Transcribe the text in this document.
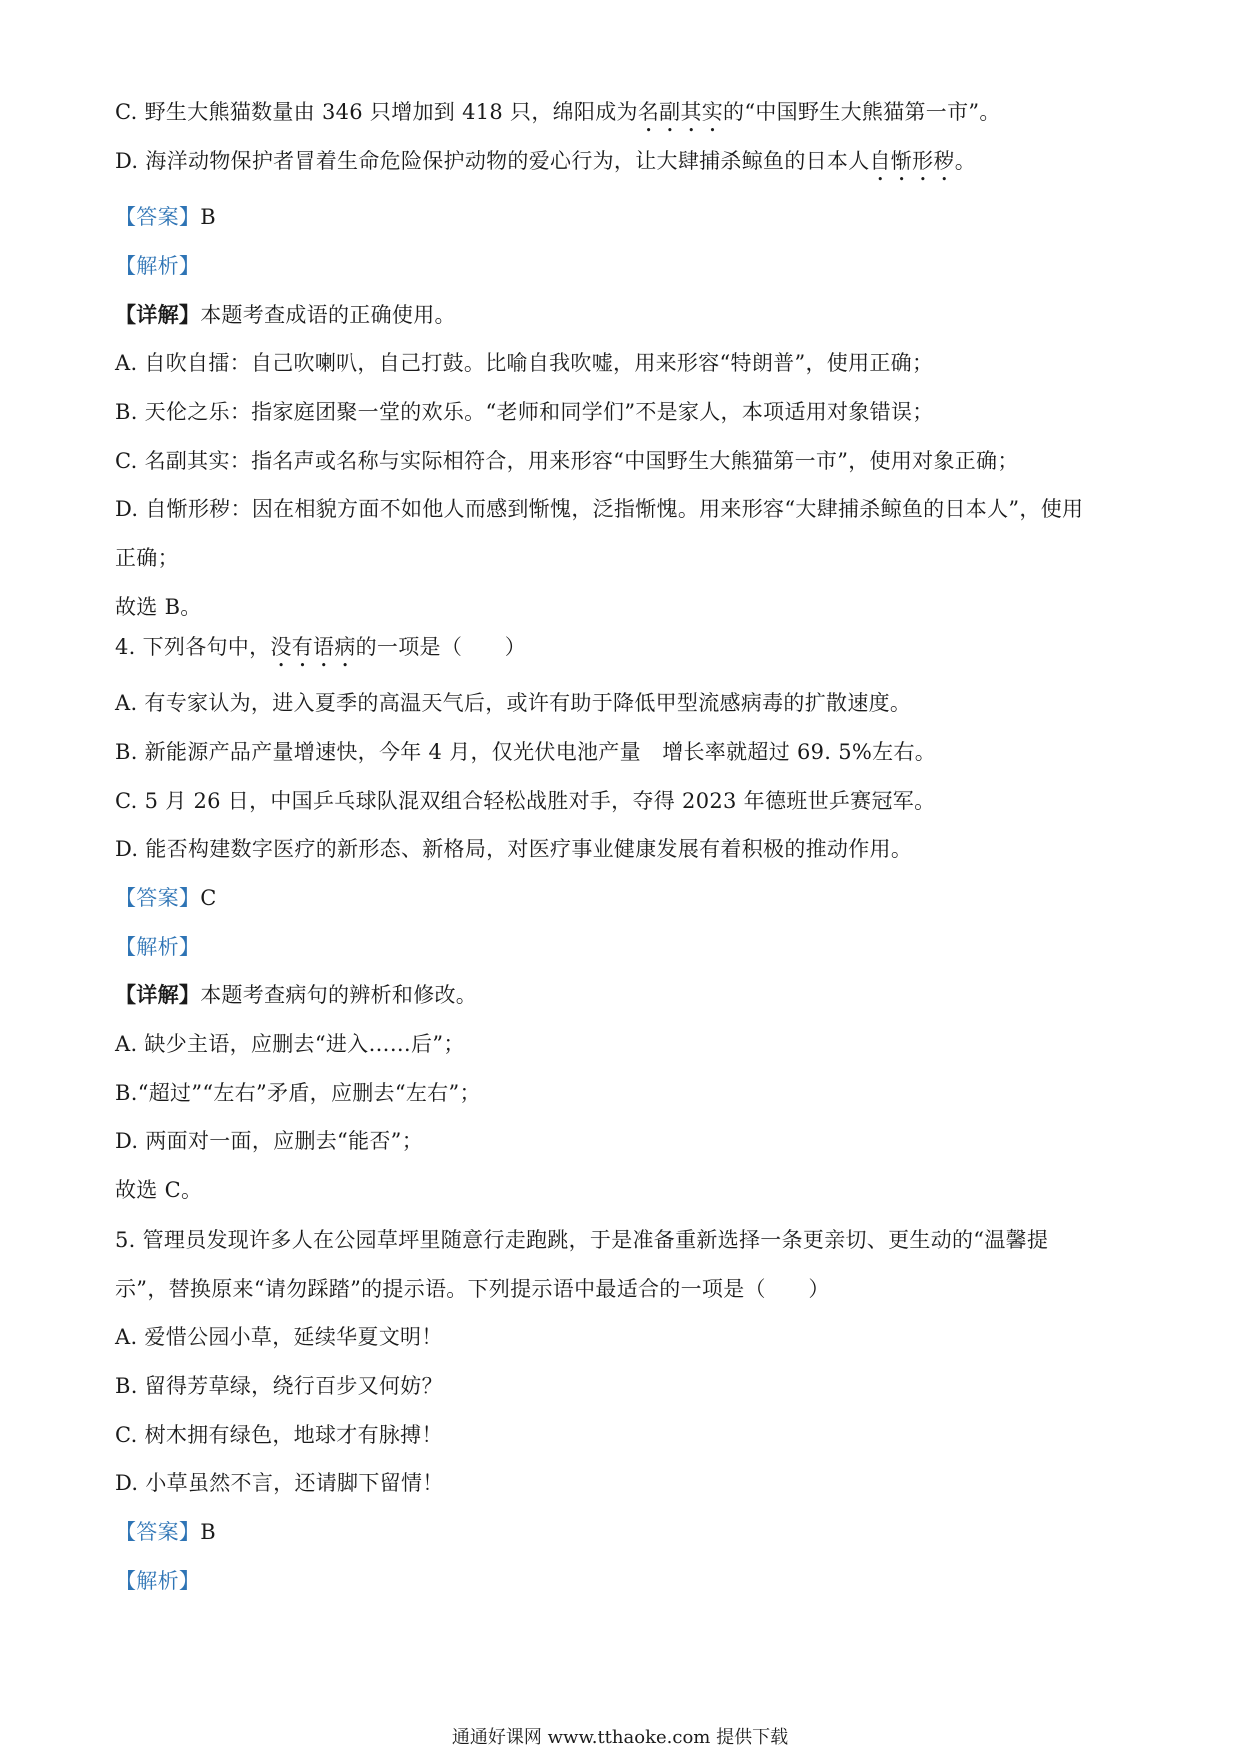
C. 野生大熊猫数量由 346 只增加到 418 只，绵阳成为名副其实的“中国野生大熊猫第一市”。
D. 海洋动物保护者冒着生命危险保护动物的爱心行为，让大肆捕杀鲸鱼的日本人自惭形秽。
【答案】B
【解析】
【详解】本题考查成语的正确使用。
A. 自吹自擂：自己吹喇叭，自己打鼓。比喻自我吹嘘，用来形容“特朗普”，使用正确；
B. 天伦之乐：指家庭团聚一堂的欢乐。“老师和同学们”不是家人，本项适用对象错误；
C. 名副其实：指名声或名称与实际相符合，用来形容“中国野生大熊猫第一市”，使用对象正确；
D. 自惭形秽：因在相貌方面不如他人而感到惭愧，泛指惭愧。用来形容“大肆捕杀鲸鱼的日本人”，使用
正确；
故选 B。
4. 下列各句中，没有语病的一项是（　　）
A. 有专家认为，进入夏季的高温天气后，或许有助于降低甲型流感病毒的扩散速度。
B. 新能源产品产量增速快，今年 4 月，仅光伏电池产量　增长率就超过 69. 5%左右。
C. 5 月 26 日，中国乒乓球队混双组合轻松战胜对手，夺得 2023 年德班世乒赛冠军。
D. 能否构建数字医疗的新形态、新格局，对医疗事业健康发展有着积极的推动作用。
【答案】C
【解析】
【详解】本题考查病句的辨析和修改。
A. 缺少主语，应删去“进入……后”；
B.“超过”“左右”矛盾，应删去“左右”；
D. 两面对一面，应删去“能否”；
故选 C。
5. 管理员发现许多人在公园草坪里随意行走跑跳，于是准备重新选择一条更亲切、更生动的“温馨提
示”，替换原来“请勿踩踏”的提示语。下列提示语中最适合的一项是（　　）
A. 爱惜公园小草，延续华夏文明！
B. 留得芳草绿，绕行百步又何妨？
C. 树木拥有绿色，地球才有脉搏！
D. 小草虽然不言，还请脚下留情！
【答案】B
【解析】
通通好课网 www.tthaoke.com 提供下载
